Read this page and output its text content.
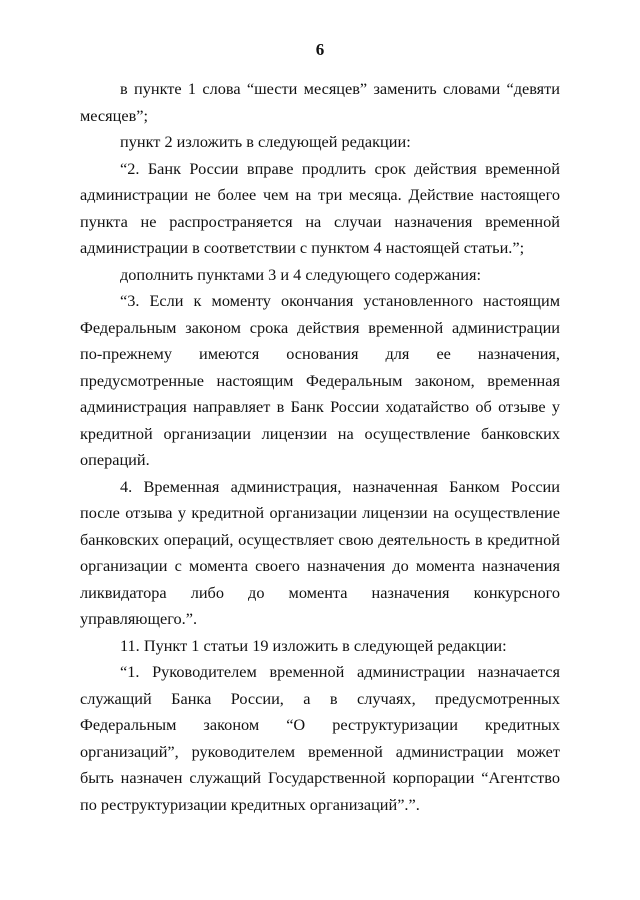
6

в пункте 1 слова “шести месяцев” заменить словами “девяти месяцев”;

пункт 2 изложить в следующей редакции:

“2. Банк России вправе продлить срок действия временной администрации не более чем на три месяца. Действие настоящего пункта не распространяется на случаи назначения временной администрации в соответствии с пунктом 4 настоящей статьи.”;

дополнить пунктами 3 и 4 следующего содержания:

“3. Если к моменту окончания установленного настоящим Федеральным законом срока действия временной администрации по-прежнему имеются основания для ее назначения, предусмотренные настоящим Федеральным законом, временная администрация направляет в Банк России ходатайство об отзыве у кредитной организации лицензии на осуществление банковских операций.

4. Временная администрация, назначенная Банком России после отзыва у кредитной организации лицензии на осуществление банковских операций, осуществляет свою деятельность в кредитной организации с момента своего назначения до момента назначения ликвидатора либо до момента назначения конкурсного управляющего.”.

11. Пункт 1 статьи 19 изложить в следующей редакции:

“1. Руководителем временной администрации назначается служащий Банка России, а в случаях, предусмотренных Федеральным законом “О реструктуризации кредитных организаций”, руководителем временной администрации может быть назначен служащий Государственной корпорации “Агентство по реструктуризации кредитных организаций”.”.
